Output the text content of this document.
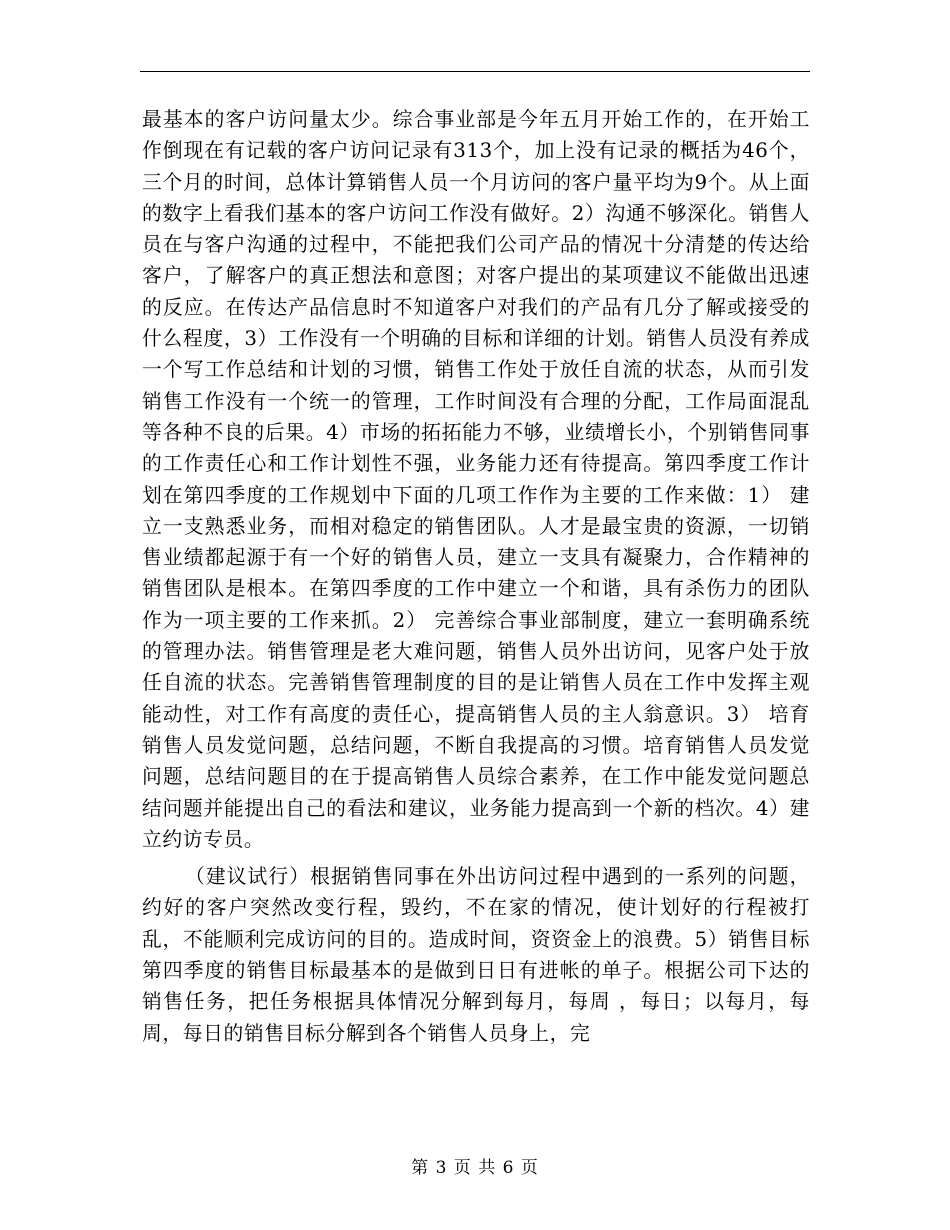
最基本的客户访问量太少。综合事业部是今年五月开始工作的，在开始工作倒现在有记载的客户访问记录有313个，加上没有记录的概括为46个，三个月的时间，总体计算销售人员一个月访问的客户量平均为9个。从上面的数字上看我们基本的客户访问工作没有做好。2）沟通不够深化。销售人员在与客户沟通的过程中，不能把我们公司产品的情况十分清楚的传达给客户，了解客户的真正想法和意图；对客户提出的某项建议不能做出迅速的反应。在传达产品信息时不知道客户对我们的产品有几分了解或接受的什么程度，3）工作没有一个明确的目标和详细的计划。销售人员没有养成一个写工作总结和计划的习惯，销售工作处于放任自流的状态，从而引发销售工作没有一个统一的管理，工作时间没有合理的分配，工作局面混乱等各种不良的后果。4）市场的拓拓能力不够，业绩增长小，个别销售同事的工作责任心和工作计划性不强，业务能力还有待提高。第四季度工作计划在第四季度的工作规划中下面的几项工作作为主要的工作来做：1） 建立一支熟悉业务，而相对稳定的销售团队。人才是最宝贵的资源，一切销售业绩都起源于有一个好的销售人员，建立一支具有凝聚力，合作精神的销售团队是根本。在第四季度的工作中建立一个和谐，具有杀伤力的团队作为一项主要的工作来抓。2） 完善综合事业部制度，建立一套明确系统的管理办法。销售管理是老大难问题，销售人员外出访问，见客户处于放任自流的状态。完善销售管理制度的目的是让销售人员在工作中发挥主观能动性，对工作有高度的责任心，提高销售人员的主人翁意识。3） 培育销售人员发觉问题，总结问题，不断自我提高的习惯。培育销售人员发觉问题，总结问题目的在于提高销售人员综合素养，在工作中能发觉问题总结问题并能提出自己的看法和建议，业务能力提高到一个新的档次。4）建立约访专员。

（建议试行）根据销售同事在外出访问过程中遇到的一系列的问题，约好的客户突然改变行程，毁约，不在家的情况，使计划好的行程被打乱，不能顺利完成访问的目的。造成时间，资资金上的浪费。5）销售目标第四季度的销售目标最基本的是做到日日有进帐的单子。根据公司下达的销售任务，把任务根据具体情况分解到每月，每周 ，每日；以每月，每周，每日的销售目标分解到各个销售人员身上，完

第 3 页 共 6 页
